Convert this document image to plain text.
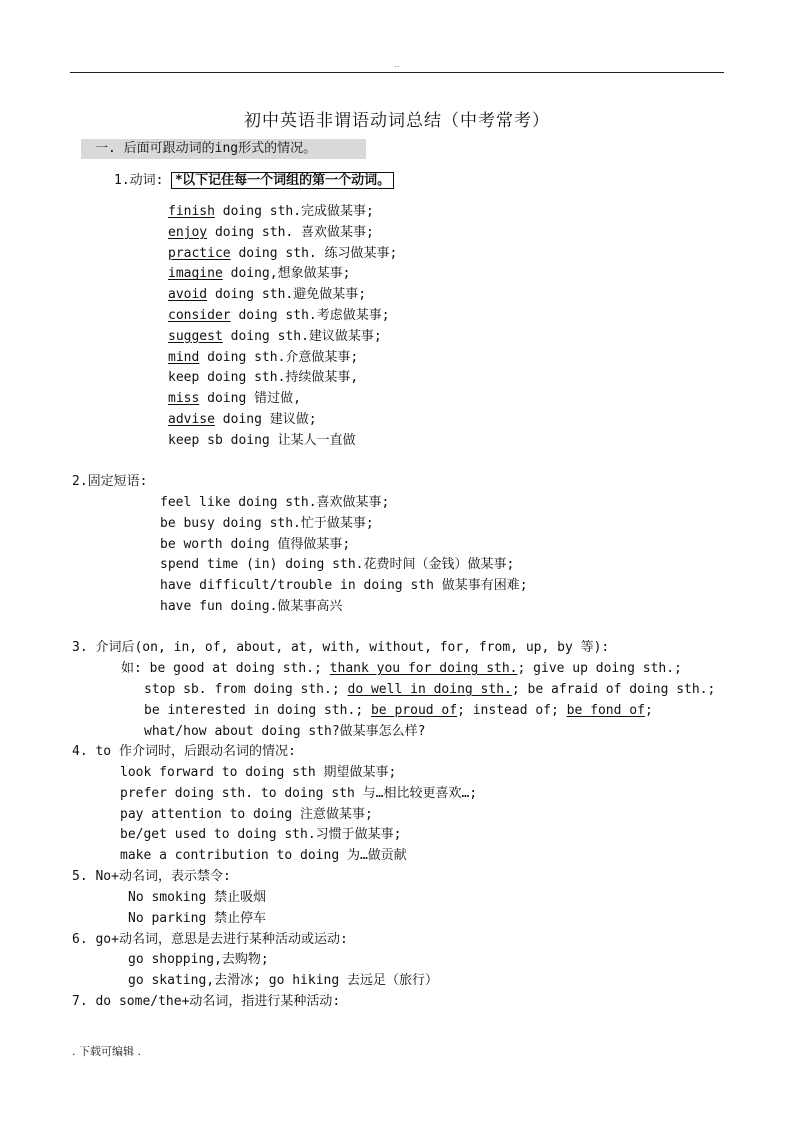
..
初中英语非谓语动词总结（中考常考）
一. 后面可跟动词的ing形式的情况。
1.动词: *以下记住每一个词组的第一个动词。
finish doing sth.完成做某事;
enjoy doing sth. 喜欢做某事;
practice doing sth. 练习做某事;
imagine doing,想象做某事;
avoid doing sth.避免做某事;
consider doing sth.考虑做某事;
suggest doing sth.建议做某事;
mind doing sth.介意做某事;
keep doing sth.持续做某事,
miss doing 错过做,
advise doing 建议做;
keep sb doing 让某人一直做
2.固定短语:
feel like doing sth.喜欢做某事;
be busy doing sth.忙于做某事;
be worth doing 值得做某事;
spend time (in) doing sth.花费时间（金钱）做某事;
have difficult/trouble in doing sth 做某事有困难;
have fun doing.做某事高兴
3. 介词后(on, in, of, about, at, with, without, for, from, up, by 等):
如: be good at doing sth.; thank you for doing sth.; give up doing sth.;
stop sb. from doing sth.; do well in doing sth.; be afraid of doing sth.;
be interested in doing sth.; be proud of; instead of; be fond of;
what/how about doing sth?做某事怎么样?
4. to 作介词时，后跟动名词的情况:
look forward to doing sth 期望做某事;
prefer doing sth. to doing sth 与…相比较更喜欢…;
pay attention to doing 注意做某事;
be/get used to doing sth.习惯于做某事;
make a contribution to doing 为…做贡献
5. No+动名词，表示禁令:
No smoking 禁止吸烟
No parking 禁止停车
6. go+动名词，意思是去进行某种活动或运动:
go shopping,去购物;
go skating,去滑冰; go hiking 去远足（旅行）
7. do some/the+动名词，指进行某种活动:
. 下载可编辑 .
